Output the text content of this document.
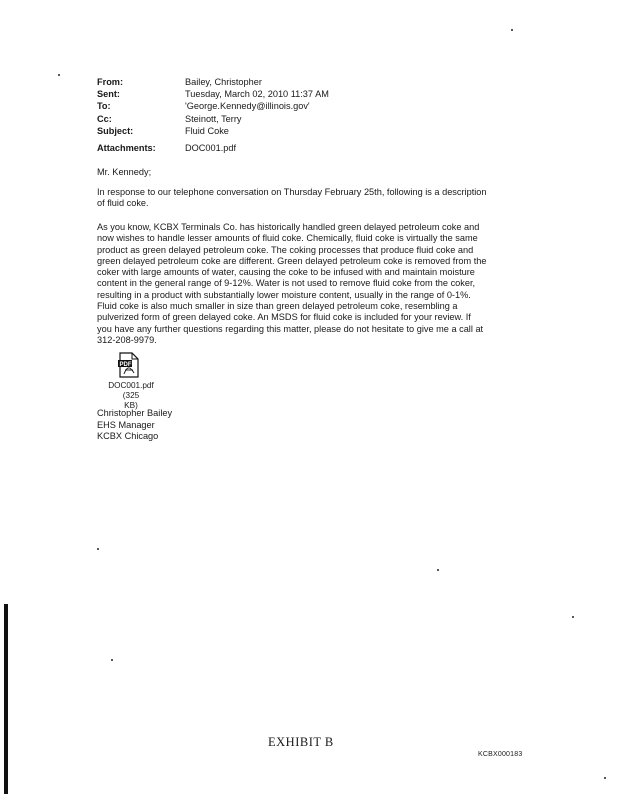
From:	Bailey, Christopher
Sent:	Tuesday, March 02, 2010 11:37 AM
To:	'George.Kennedy@illinois.gov'
Cc:	Steinott, Terry
Subject:	Fluid Coke
Attachments:	DOC001.pdf
Mr. Kennedy;
In response to our telephone conversation on Thursday February 25th, following is a description
of fluid coke.
As you know, KCBX Terminals Co. has historically handled green delayed petroleum coke and
now wishes to handle lesser amounts of fluid coke. Chemically, fluid coke is virtually the same
product as green delayed petroleum coke. The coking processes that produce fluid coke and
green delayed petroleum coke are different. Green delayed petroleum coke is removed from the
coker with large amounts of water, causing the coke to be infused with and maintain moisture
content in the general range of 9-12%. Water is not used to remove fluid coke from the coker,
resulting in a product with substantially lower moisture content, usually in the range of 0-1%.
Fluid coke is also much smaller in size than green delayed petroleum coke, resembling a
pulverized form of green delayed coke. An MSDS for fluid coke is included for your review. If
you have any further questions regarding this matter, please do not hesitate to give me a call at
312-208-9979.
PDF
DOC001.pdf (325
KB)
Christopher Bailey
EHS Manager
KCBX Chicago
EXHIBIT B
KCBX000183
